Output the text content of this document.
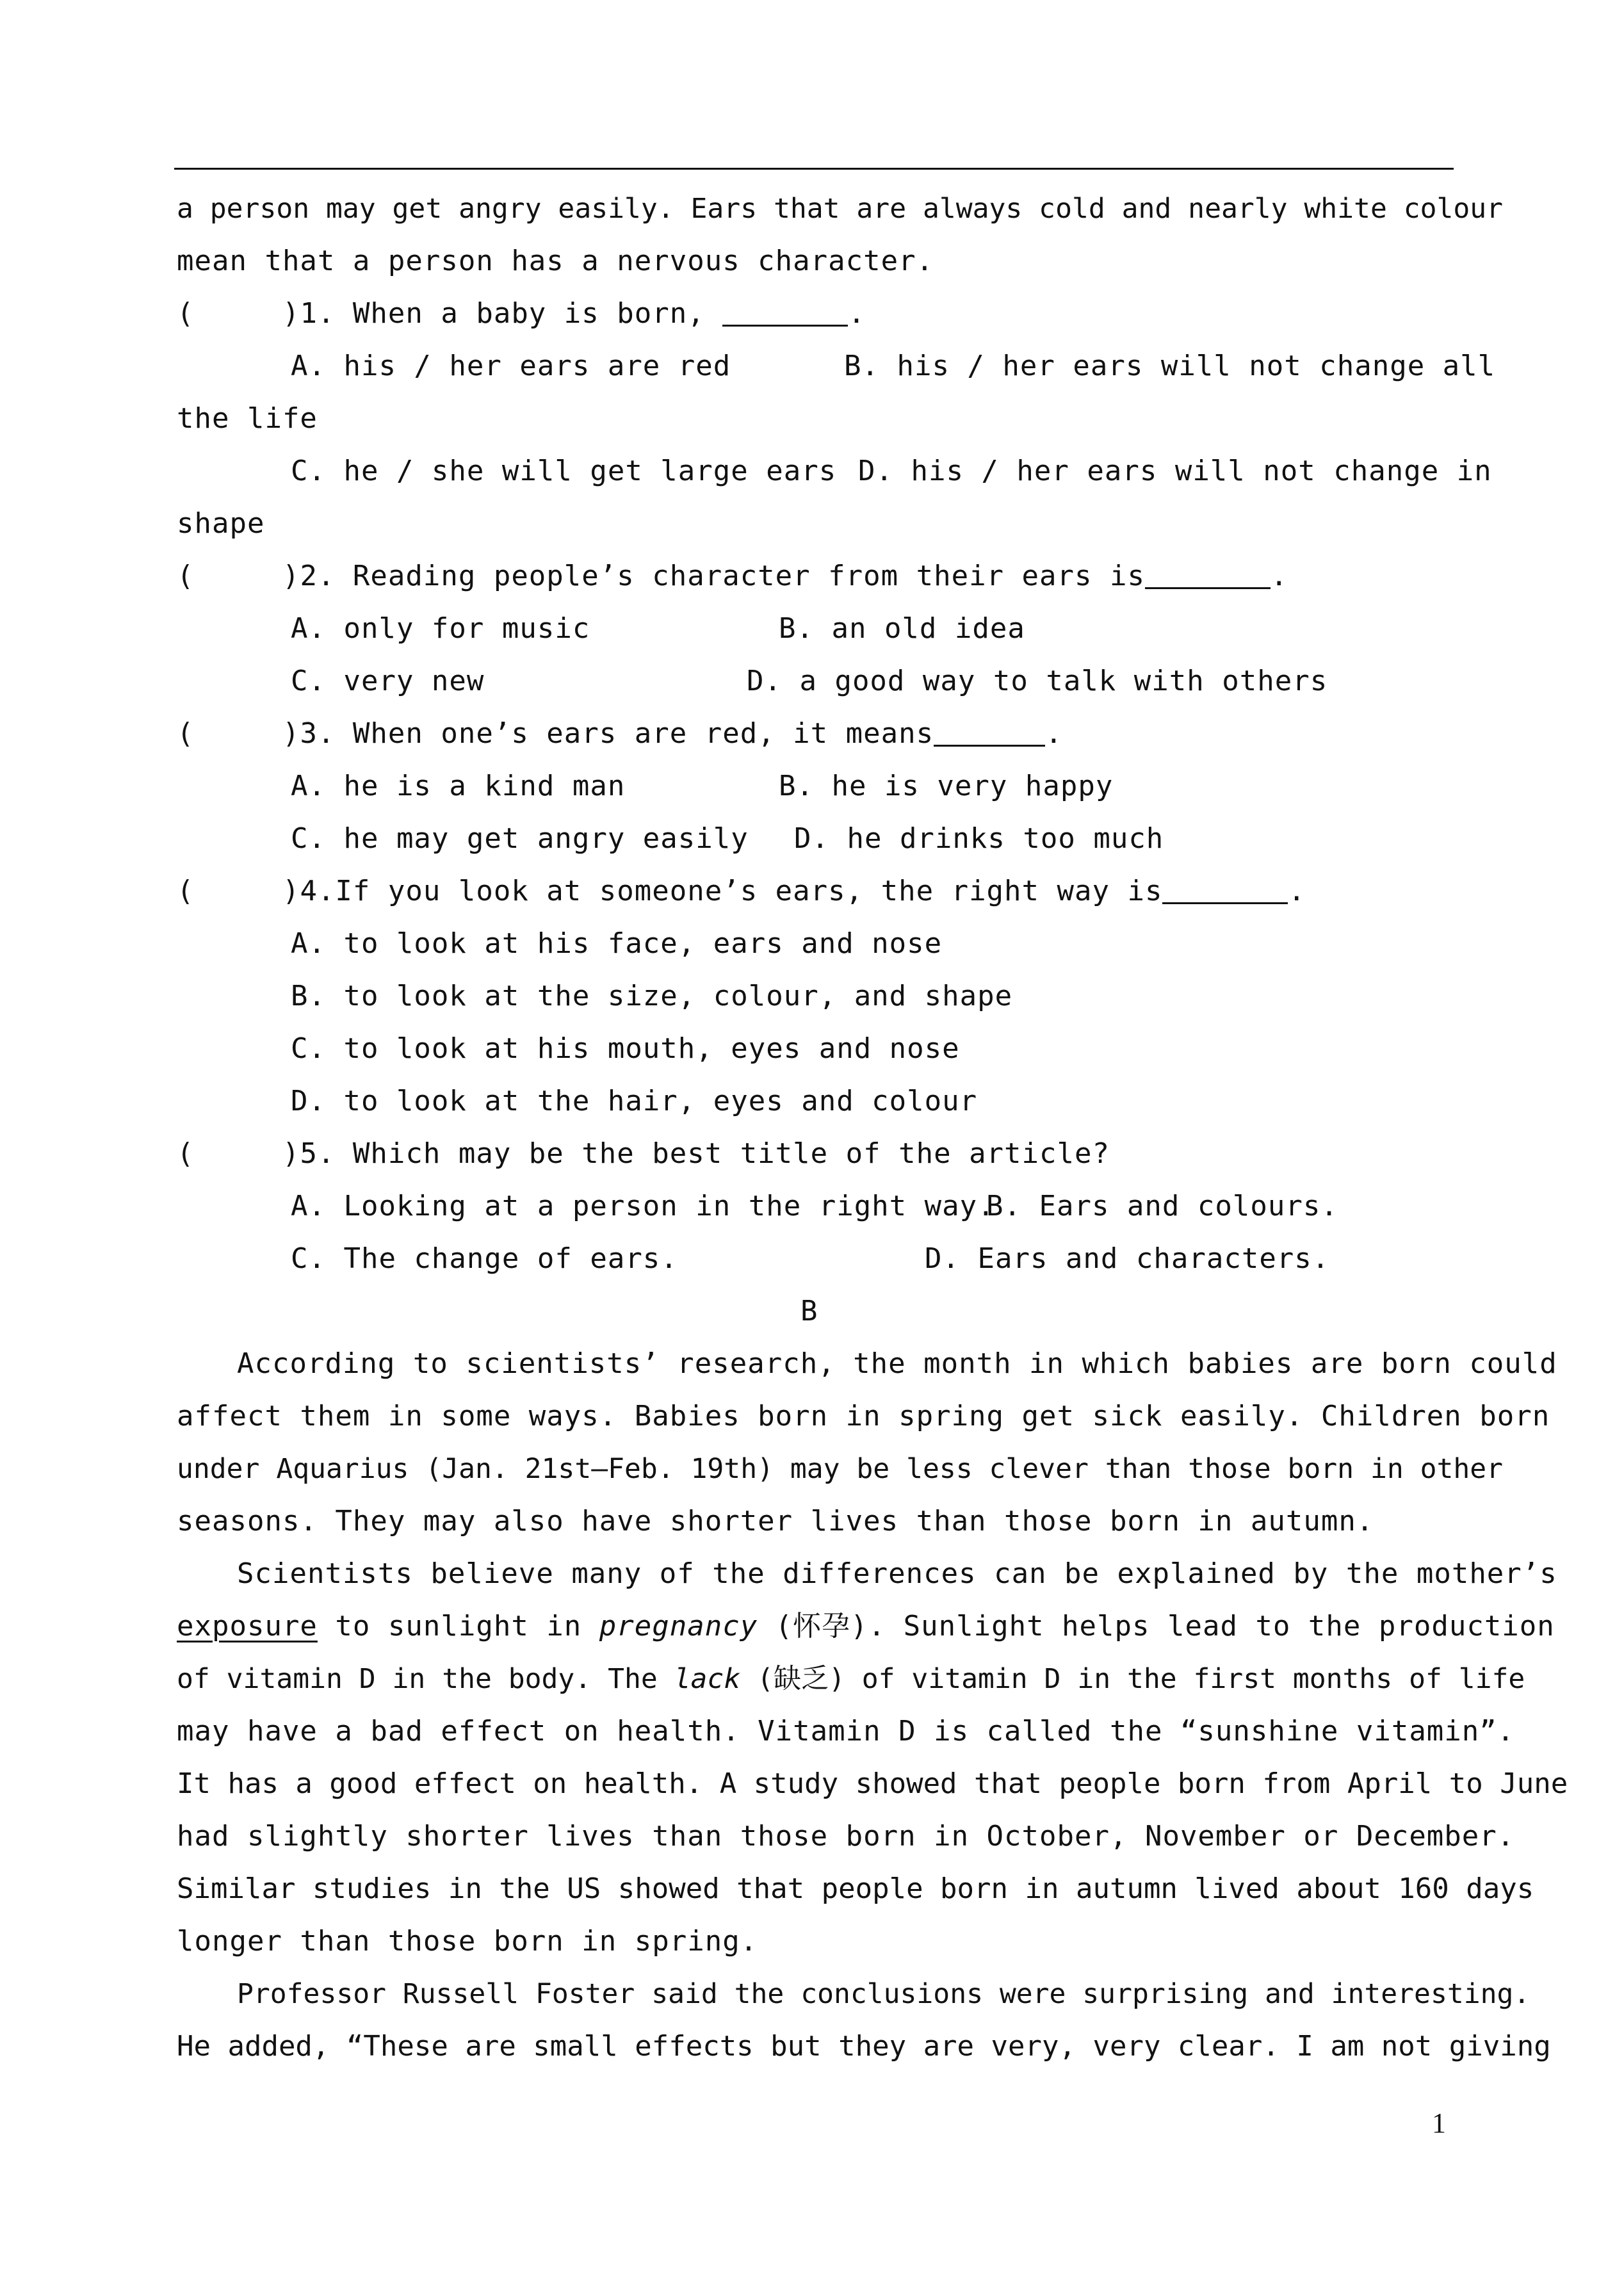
a person may get angry easily. Ears that are always cold and nearly white colour
mean that a person has a nervous character.
(     )1. When a baby is born,	.
A. his / her ears are red	B. his / her ears will not change all
the life
C. he / she will get large ears D. his / her ears will not change in
shape
(     )2. Reading people’s character from their ears is	.
A. only for music	B. an old idea
C. very new	D. a good way to talk with others
(     )3. When one’s ears are red, it means	.
A. he is a kind man	B. he is very happy
C. he may get angry easily D. he drinks too much
(     )4.If you look at someone’s ears, the right way is	.
A. to look at his face, ears and nose
B. to look at the size, colour, and shape
C. to look at his mouth, eyes and nose
D. to look at the hair, eyes and colour
(     )5. Which may be the best title of the article?
A. Looking at a person in the right way.
B. Ears and colours.
C. The change of ears.	D. Ears and characters.
B
According to scientists’ research, the month in which babies are born could
affect them in some ways. Babies born in spring get sick easily. Children born
under Aquarius (Jan. 21st—Feb. 19th) may be less clever than those born in other
seasons. They may also have shorter lives than those born in autumn.
Scientists believe many of the differences can be explained by the mother’s
exposure to sunlight in pregnancy (怀孕). Sunlight helps lead to the production
of vitamin D in the body. The lack (缺乏) of vitamin D in the first months of life
may have a bad effect on health. Vitamin D is called the “sunshine vitamin”.
It has a good effect on health. A study showed that people born from April to June
had slightly shorter lives than those born in October, November or December.
Similar studies in the US showed that people born in autumn lived about 160 days
longer than those born in spring.
Professor Russell Foster said the conclusions were surprising and interesting.
He added, “These are small effects but they are very, very clear. I am not giving
1
